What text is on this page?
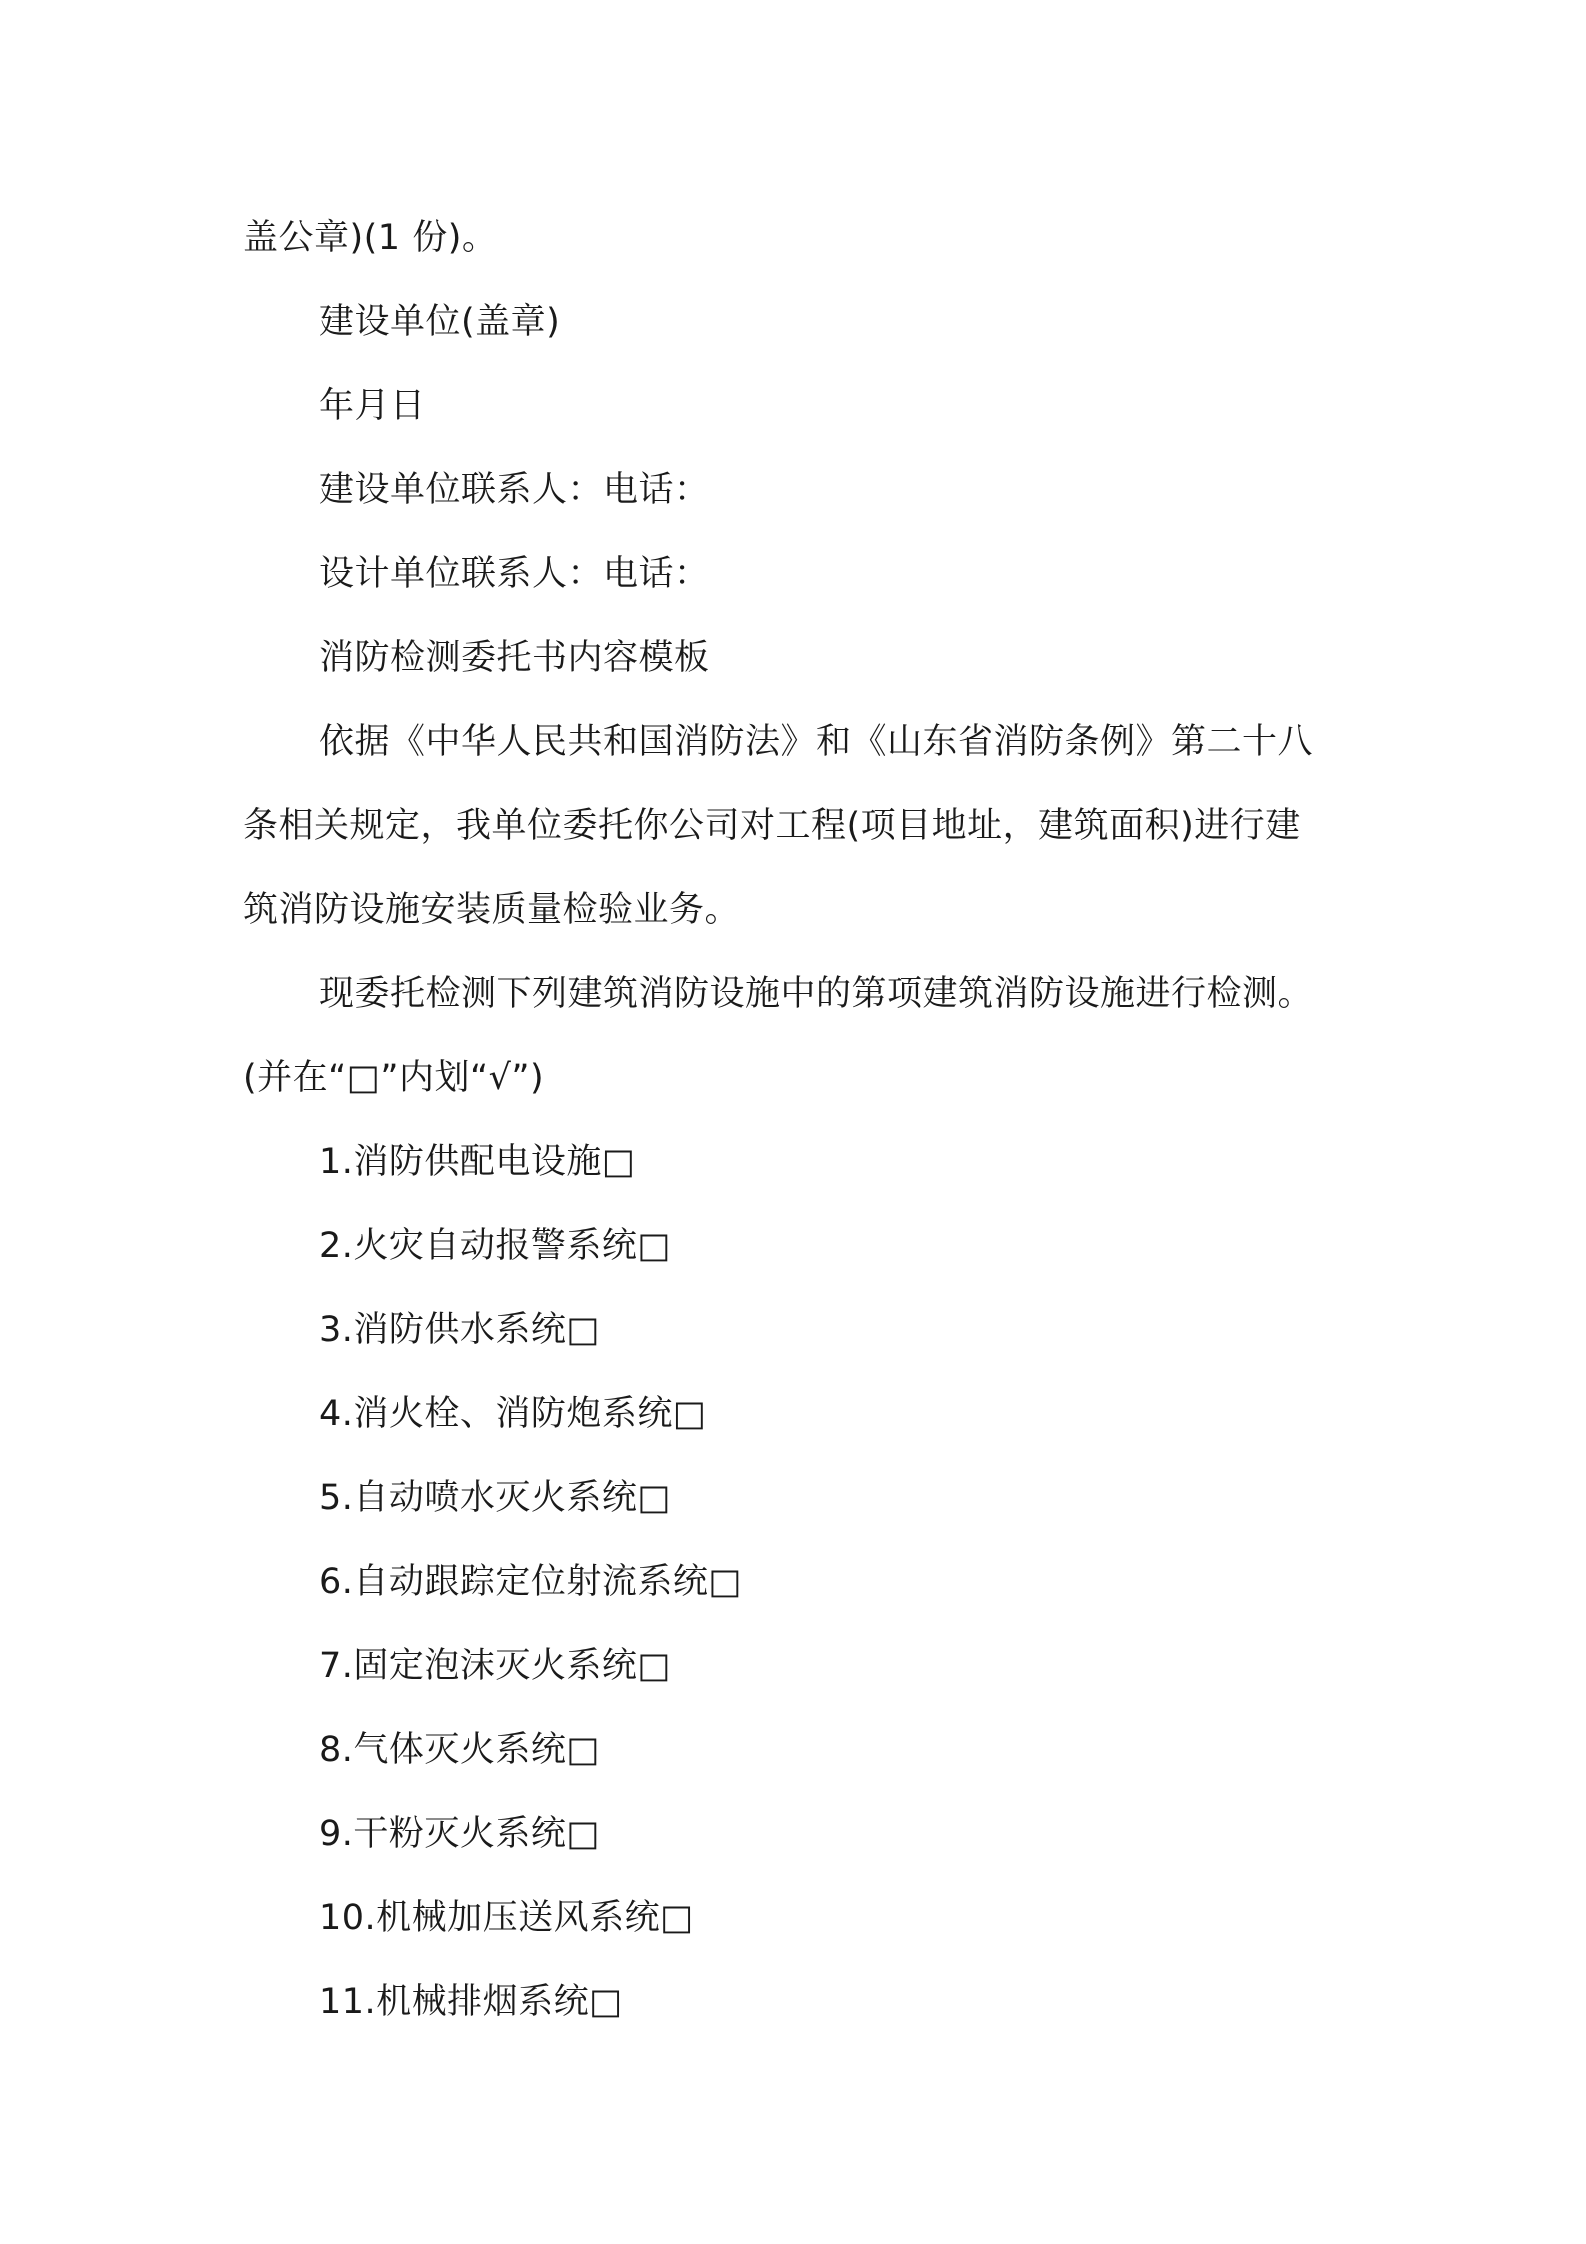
盖公章)(1 份)。
建设单位(盖章)
年月日
建设单位联系人：电话：
设计单位联系人：电话：
消防检测委托书内容模板
依据《中华人民共和国消防法》和《山东省消防条例》第二十八
条相关规定，我单位委托你公司对工程(项目地址，建筑面积)进行建
筑消防设施安装质量检验业务。
现委托检测下列建筑消防设施中的第项建筑消防设施进行检测。
(并在“□”内划“√”)
1.消防供配电设施□
2.火灾自动报警系统□
3.消防供水系统□
4.消火栓、消防炮系统□
5.自动喷水灭火系统□
6.自动跟踪定位射流系统□
7.固定泡沫灭火系统□
8.气体灭火系统□
9.干粉灭火系统□
10.机械加压送风系统□
11.机械排烟系统□
